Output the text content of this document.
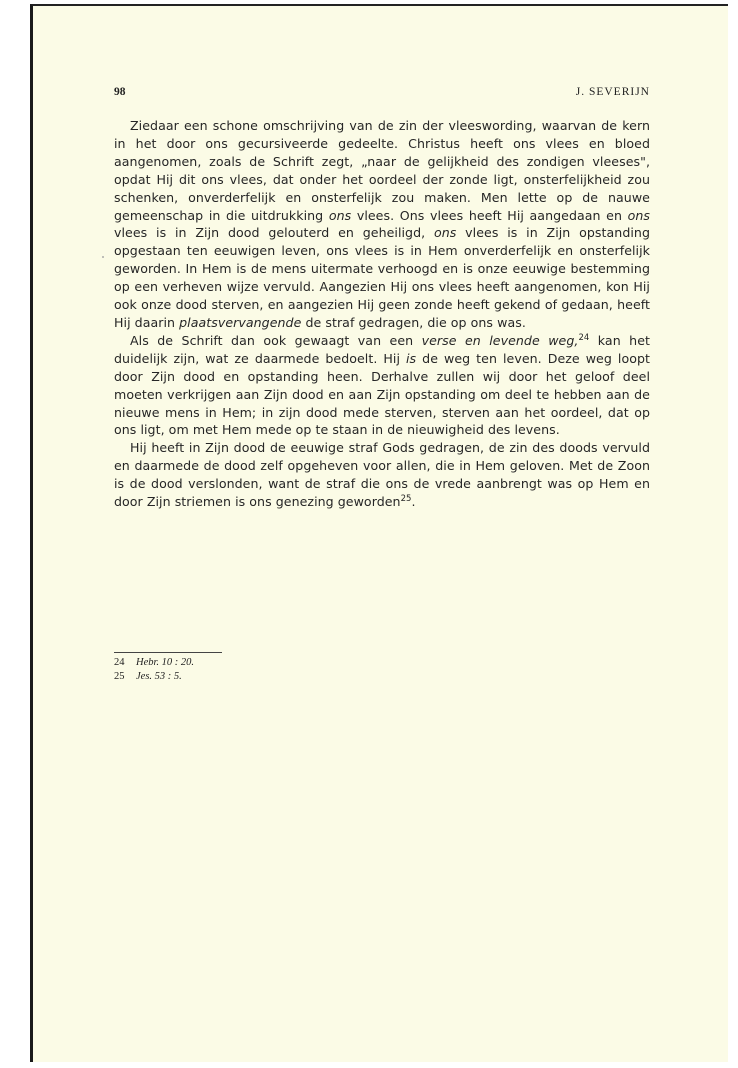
98	J. SEVERIJN

Ziedaar een schone omschrijving van de zin der vleeswording, waarvan de kern in het door ons gecursiveerde gedeelte. Christus heeft ons vlees en bloed aangenomen, zoals de Schrift zegt, „naar de gelijkheid des zondigen vleeses", opdat Hij dit ons vlees, dat onder het oordeel der zonde ligt, onsterfelijkheid zou schenken, onverderfelijk en onsterfelijk zou maken. Men lette op de nauwe gemeenschap in die uitdrukking ons vlees. Ons vlees heeft Hij aangedaan en ons vlees is in Zijn dood gelouterd en geheiligd, ons vlees is in Zijn opstanding opgestaan ten eeuwigen leven, ons vlees is in Hem onverderfelijk en onsterfelijk geworden. In Hem is de mens uitermate verhoogd en is onze eeuwige bestemming op een verheven wijze vervuld. Aangezien Hij ons vlees heeft aangenomen, kon Hij ook onze dood sterven, en aangezien Hij geen zonde heeft gekend of gedaan, heeft Hij daarin plaatsvervangende de straf gedragen, die op ons was.

Als de Schrift dan ook gewaagt van een verse en levende weg,$^{24}$ kan het duidelijk zijn, wat ze daarmede bedoelt. Hij is de weg ten leven. Deze weg loopt door Zijn dood en opstanding heen. Derhalve zullen wij door het geloof deel moeten verkrijgen aan Zijn dood en aan Zijn opstanding om deel te hebben aan de nieuwe mens in Hem; in zijn dood mede sterven, sterven aan het oordeel, dat op ons ligt, om met Hem mede op te staan in de nieuwigheid des levens.

Hij heeft in Zijn dood de eeuwige straf Gods gedragen, de zin des doods vervuld en daarmede de dood zelf opgeheven voor allen, die in Hem geloven. Met de Zoon is de dood verslonden, want de straf die ons de vrede aanbrengt was op Hem en door Zijn striemen is ons genezing geworden$^{25}$.

24 Hebr. 10 : 20.
25 Jes. 53 : 5.
